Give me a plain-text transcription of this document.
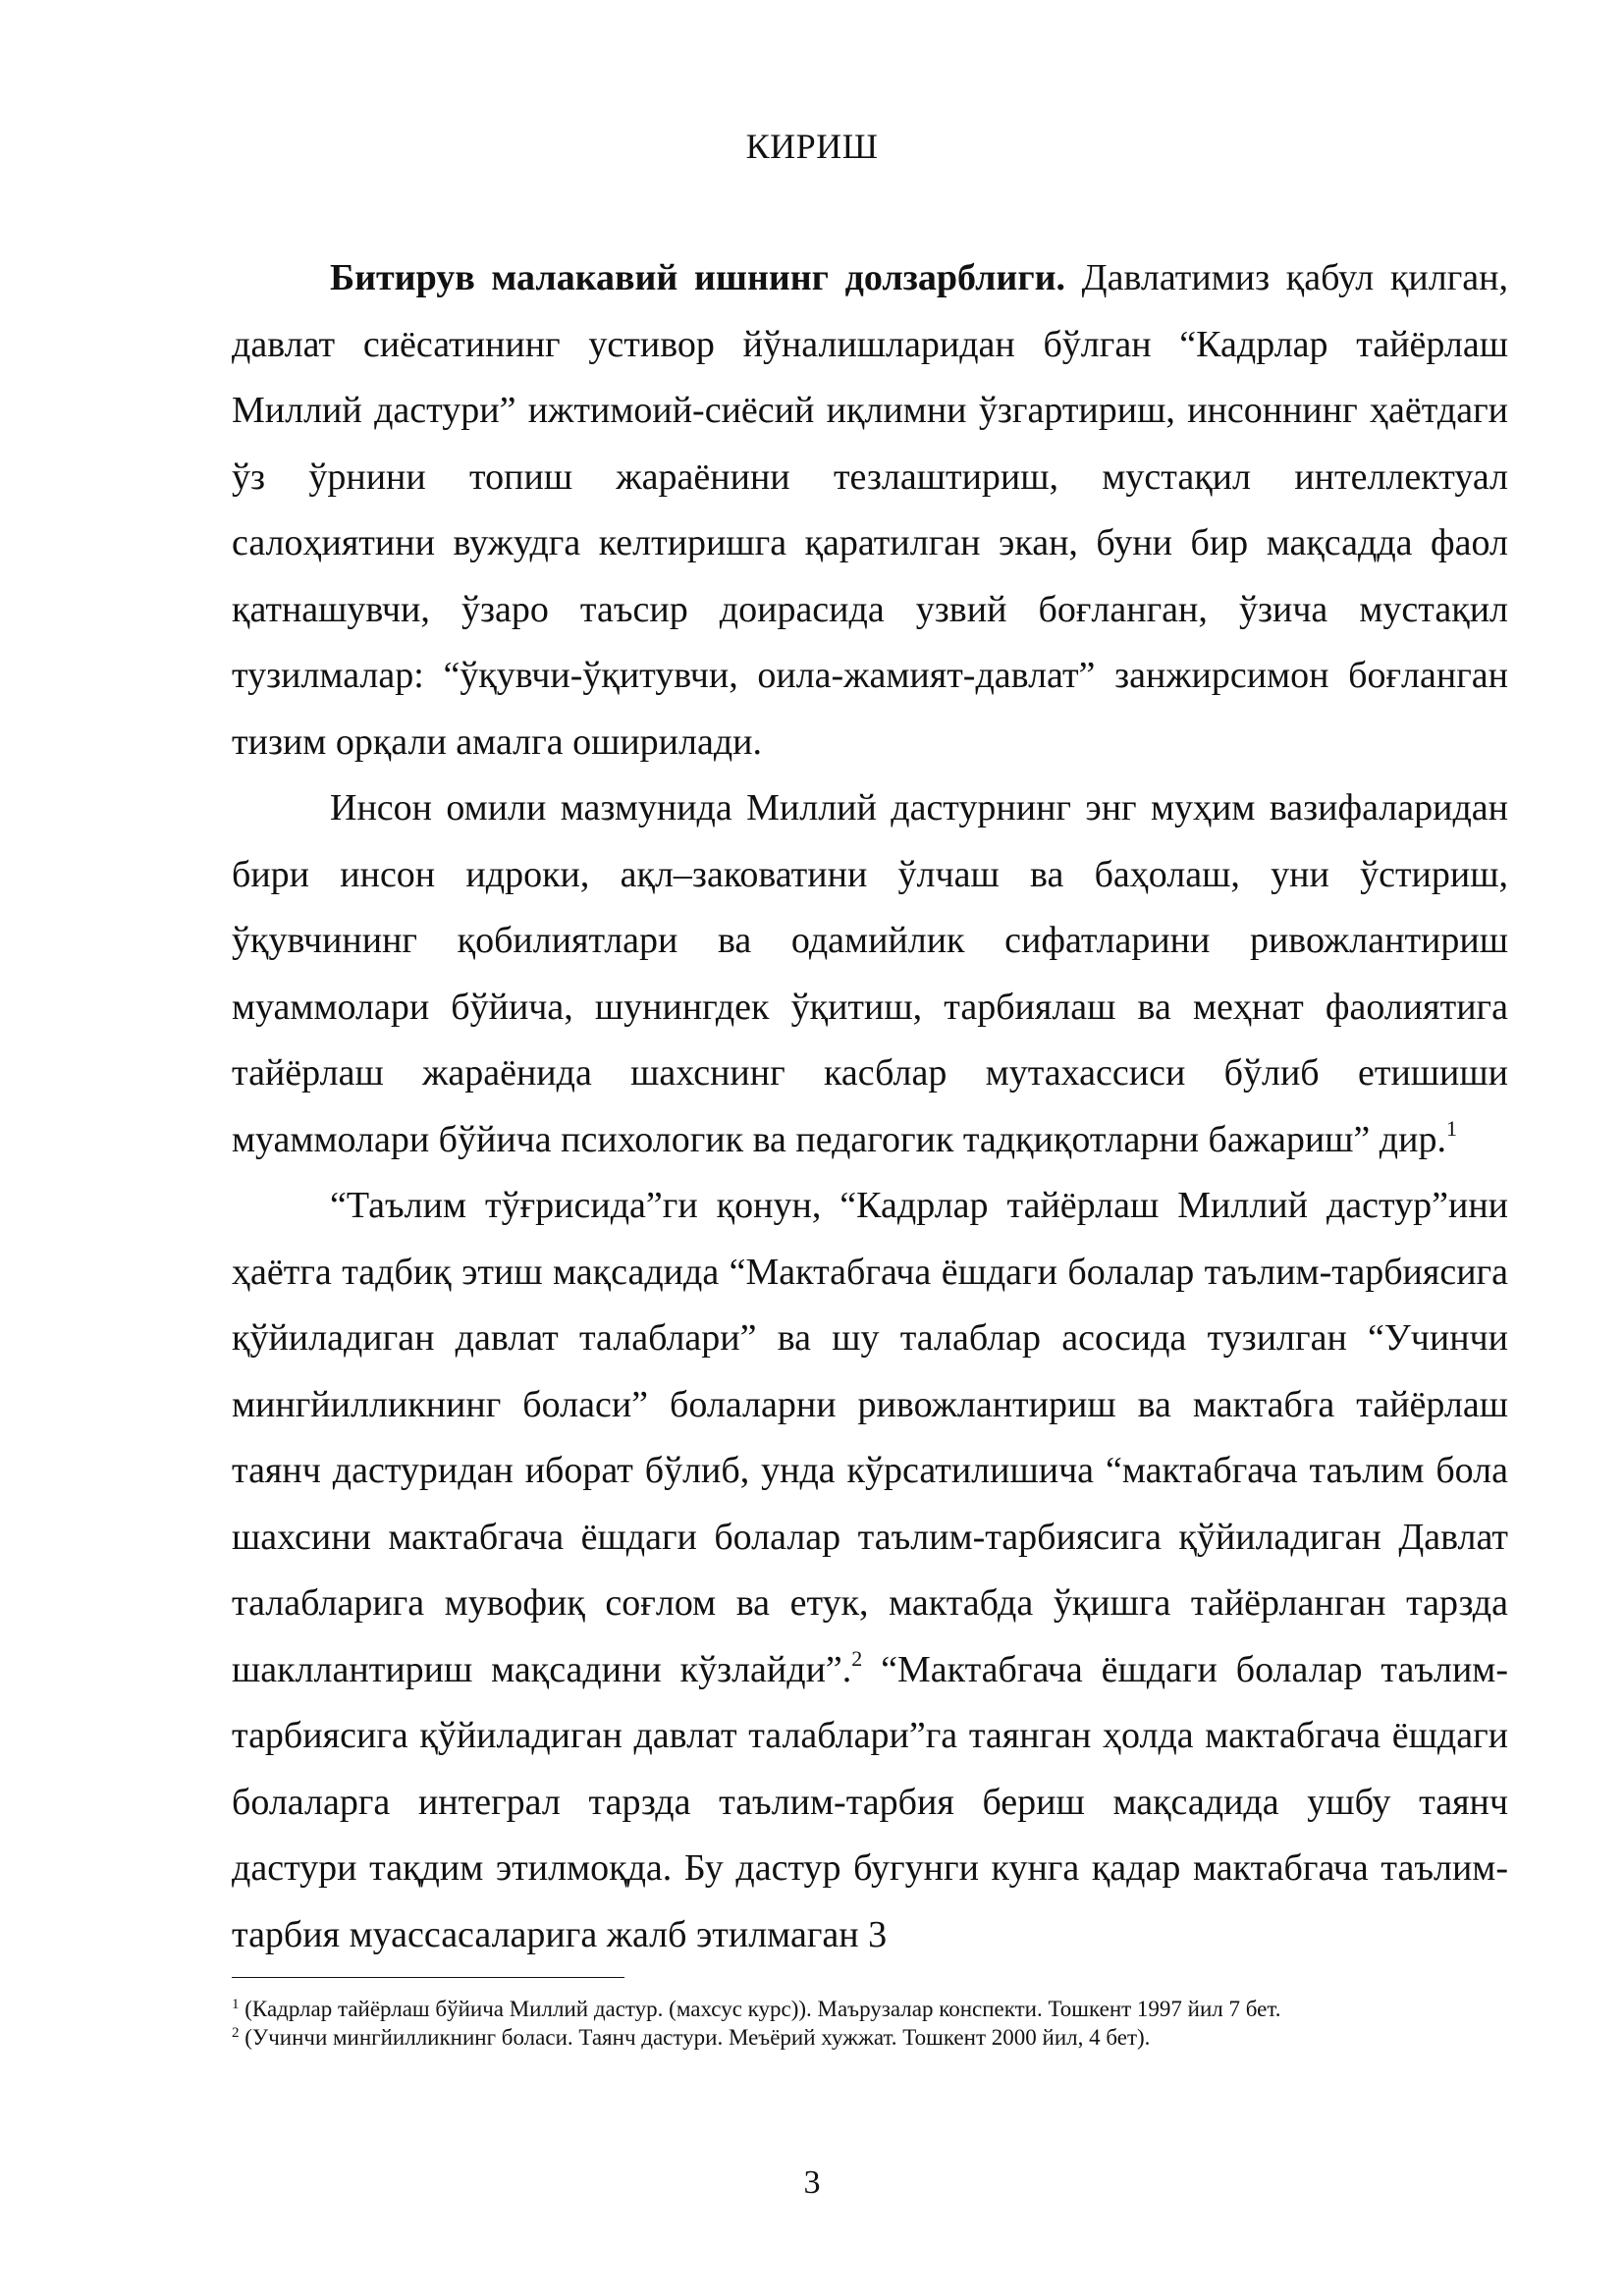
КИРИШ

Битирув малакавий ишнинг долзарблиги. Давлатимиз қабул қилган, давлат сиёсатининг устивор йўналишларидан бўлган “Кадрлар тайёрлаш Миллий дастури” ижтимоий-сиёсий иқлимни ўзгартириш, инсоннинг ҳаётдаги ўз ўрнини топиш жараёнини тезлаштириш, мустақил интеллектуал салоҳиятини вужудга келтиришга қаратилган экан, буни бир мақсадда фаол қатнашувчи, ўзаро таъсир доирасида узвий боғланган, ўзича мустақил тузилмалар: “ўқувчи-ўқитувчи, оила-жамият-давлат” занжирсимон боғланган тизим орқали амалга оширилади.

Инсон омили мазмунида Миллий дастурнинг энг муҳим вазифаларидан бири инсон идроки, ақл–заковатини ўлчаш ва баҳолаш, уни ўстириш, ўқувчининг қобилиятлари ва одамийлик сифатларини ривожлантириш муаммолари бўйича, шунингдек ўқитиш, тарбиялаш ва меҳнат фаолиятига тайёрлаш жараёнида шахснинг касблар мутахассиси бўлиб етишиши муаммолари бўйича психологик ва педагогик тадқиқотларни бажариш” дир.$^1$

“Таълим тўғрисида”ги қонун, “Кадрлар тайёрлаш Миллий дастур”ини ҳаётга тадбиқ этиш мақсадида “Мактабгача ёшдаги болалар таълим-тарбиясига қўйиладиган давлат талаблари” ва шу талаблар асосида тузилган “Учинчи мингйилликнинг боласи” болаларни ривожлантириш ва мактабга тайёрлаш таянч дастуридан иборат бўлиб, унда кўрсатилишича “мактабгача таълим бола шахсини мактабгача ёшдаги болалар таълим-тарбиясига қўйиладиган Давлат талабларига мувофиқ соғлом ва етук, мактабда ўқишга тайёрланган тарзда шакллантириш мақсадини кўзлайди”.$^2$ “Мактабгача ёшдаги болалар таълим-тарбиясига қўйиладиган давлат талаблари”га таянган ҳолда мактабгача ёшдаги болаларга интеграл тарзда таълим-тарбия бериш мақсадида ушбу таянч дастури тақдим этилмоқда. Бу дастур бугунги кунга қадар мактабгача таълим-тарбия муассасаларига жалб этилмаган 3

$^1$ (Кадрлар тайёрлаш бўйича Миллий дастур. (махсус курс)). Маърузалар конспекти. Тошкент 1997 йил 7 бет.

$^2$ (Учинчи мингйилликнинг боласи. Таянч дастури. Меъёрий хужжат. Тошкент 2000 йил, 4 бет).

3
